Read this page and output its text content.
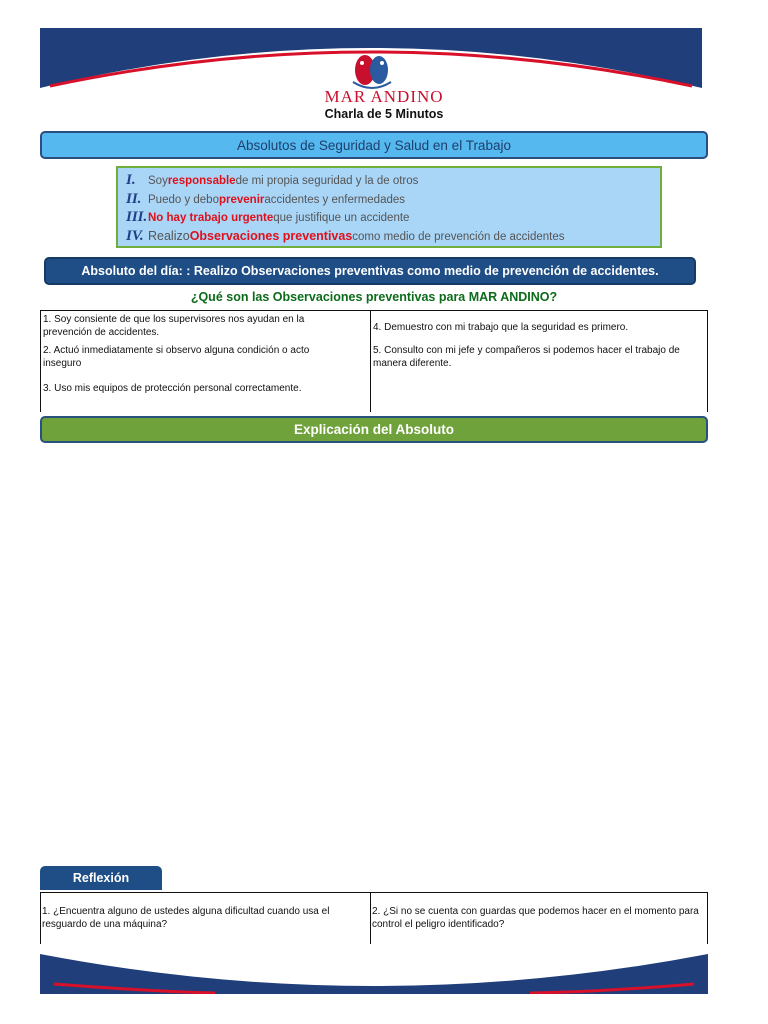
MAR ANDINO
Charla de 5 Minutos
Absolutos de Seguridad y Salud en el Trabajo
I.	Soy responsable de mi propia seguridad y la de otros
II. Puedo y debo prevenir accidentes y enfermedades
III. No hay trabajo urgente que justifique un accidente
IV. Realizo Observaciones preventivas como medio de prevención de accidentes
Absoluto del día: : Realizo Observaciones preventivas como medio de prevención de accidentes.
¿Qué son las Observaciones preventivas para MAR ANDINO?
1. Soy consiente de que los supervisores nos ayudan en la prevención de accidentes.
2. Actuó inmediatamente si observo alguna condición o acto inseguro
3. Uso mis equipos de protección personal correctamente.
4. Demuestro con mi trabajo que la seguridad es primero.
5. Consulto con mi jefe y compañeros si podemos hacer el trabajo de manera diferente.
Explicación del Absoluto
Reflexión
1. ¿Encuentra alguno de ustedes alguna dificultad cuando usa el resguardo de una máquina?
2. ¿Si no se cuenta con guardas que podemos hacer en el momento para control el peligro identificado?
